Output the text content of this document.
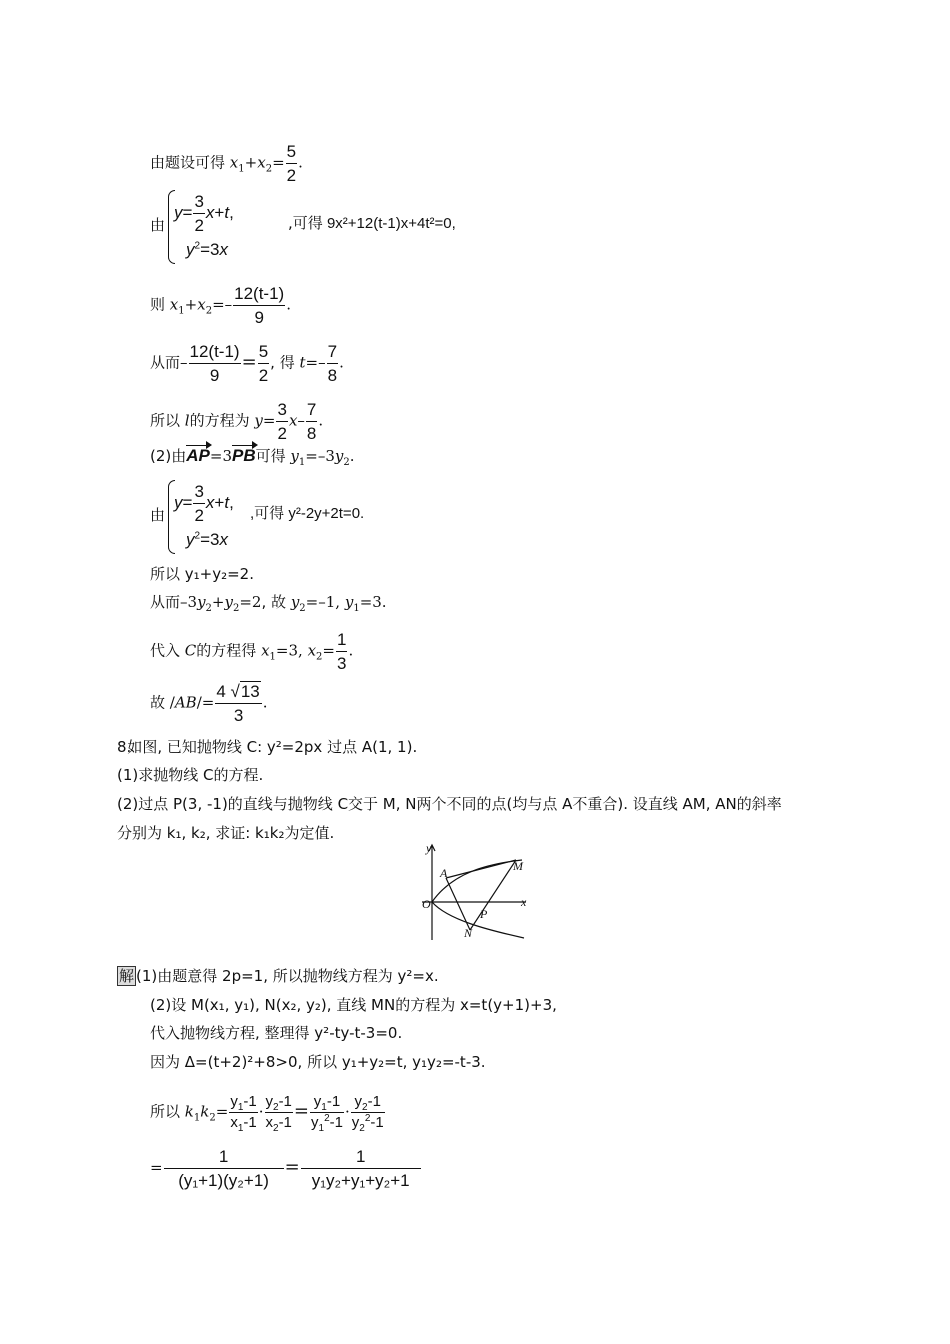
由题设可得 $x_1+x_2= \frac{5}{2}$ .
由
$y= \frac{3}{2} x+t$,
$y^2=3x$
,可得 9x²+12(t-1)x+4t²=0,
则 $x_1+x_2=- \frac{12(t-1)}{9}$ .
从而– $\frac{12(t-1)}{9} = \frac{5}{2}$ , 得 $t=- \frac{7}{8}$ .
所以 l的方程为 $y= \frac{3}{2} x- \frac{7}{8}$ .
(2)由AP=3PB可得 $y_1=-3y_2$.
由
$y= \frac{3}{2} x+t$,
$y^2=3x$
,可得 y²-2y+2t=0.
所以 y₁+y₂=2.
从而$-3y_2+y_2=2$, 故 $y_2=-1$, $y_1=3$.
代入 C的方程得 $x_1=3$, $x_2= \frac{1}{3}$ .
故 $/AB/= \frac{4 √13}{3}$ .
8.如图, 已知抛物线 C: y²=2px 过点 A(1, 1).
(1)求抛物线 C的方程.
(2)过点 P(3, -1)的直线与抛物线 C交于 M, N两个不同的点(均与点 A不重合). 设直线 AM, AN的斜率
分别为 k₁, k₂, 求证: k₁k₂为定值.
y
x
O
A	M
P
N
解 (1)由题意得 2p=1, 所以抛物线方程为 y²=x.
(2)设 M(x₁, y₁), N(x₂, y₂), 直线 MN的方程为 x=t(y+1)+3,
代入抛物线方程, 整理得 y²-ty-t-3=0.
因为 Δ=(t+2)²+8>0, 所以 y₁+y₂=t, y₁y₂=-t-3.
所以 $k_1k_2= \frac{y_1-1}{x_1-1} \cdot \frac{y_2-1}{x_2-1} = \frac{y_1-1}{y_1^2-1} \cdot \frac{y_2-1}{y_2^2-1}$
= $\frac{1}{\text{(y₁+1)(y₂+1)}} = \frac{1}{\text{y₁y₂+y₁+y₂+1}}$
